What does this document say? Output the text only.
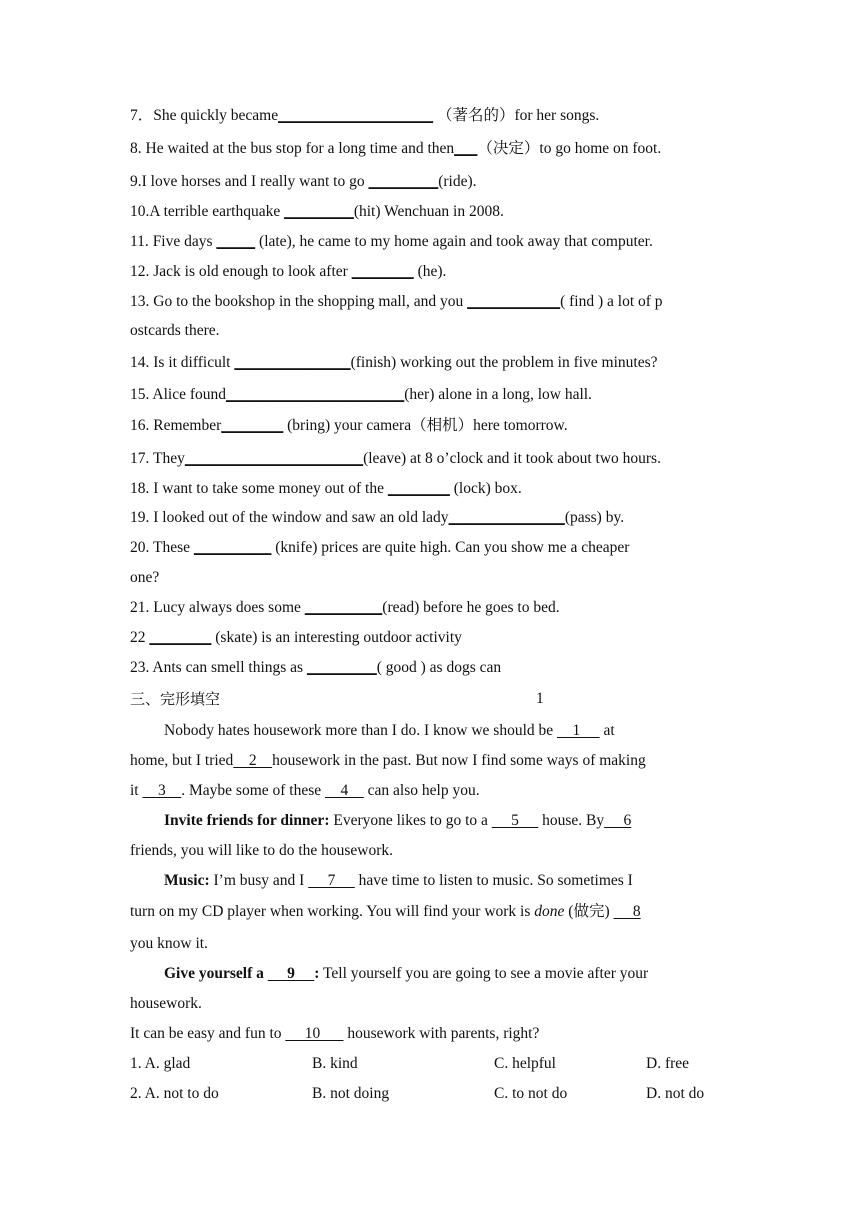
7．She quickly became____________________ （著名的）for her songs.
8. He waited at the bus stop for a long time and then___（决定）to go home on foot.
9.I love horses and I really want to go _________(ride).
10.A terrible earthquake _________(hit) Wenchuan in 2008.
11. Five days _____ (late), he came to my home again and took away that computer.
12. Jack is old enough to look after ________ (he).
13. Go to the bookshop in the shopping mall, and you ____________( find ) a lot of p
ostcards there.
14. Is it difficult _______________(finish) working out the problem in five minutes?
15. Alice found_______________________(her) alone in a long, low hall.
16. Remember________ (bring) your camera（相机）here tomorrow.
17. They_______________________(leave) at 8 o’clock and it took about two hours.
18. I want to take some money out of the ________ (lock) box.
19. I looked out of the window and saw an old lady_______________(pass) by.
20. These __________ (knife) prices are quite high. Can you show me a cheaper
one?
21. Lucy always does some __________(read) before he goes to bed.
22 ________ (skate) is an interesting outdoor activity
23. Ants can smell things as _________( good ) as dogs can
三、完形填空	1
Nobody hates housework more than I do. I know we should be     1      at
home, but I tried    2    housework in the past. But now I find some ways of making
it     3    . Maybe some of these     4     can also help you.
Invite friends for dinner: Everyone likes to go to a      5      house. By     6
friends, you will like to do the housework.
Music: I’m busy and I      7      have time to listen to music. So sometimes I
turn on my CD player when working. You will find your work is done (做完)      8
you know it.
Give yourself a      9     : Tell yourself you are going to see a movie after your
housework.
It can be easy and fun to      10       housework with parents, right?
1. A. glad	B. kind	C. helpful	D. free
2. A. not to do	B. not doing	C. to not do	D. not do
